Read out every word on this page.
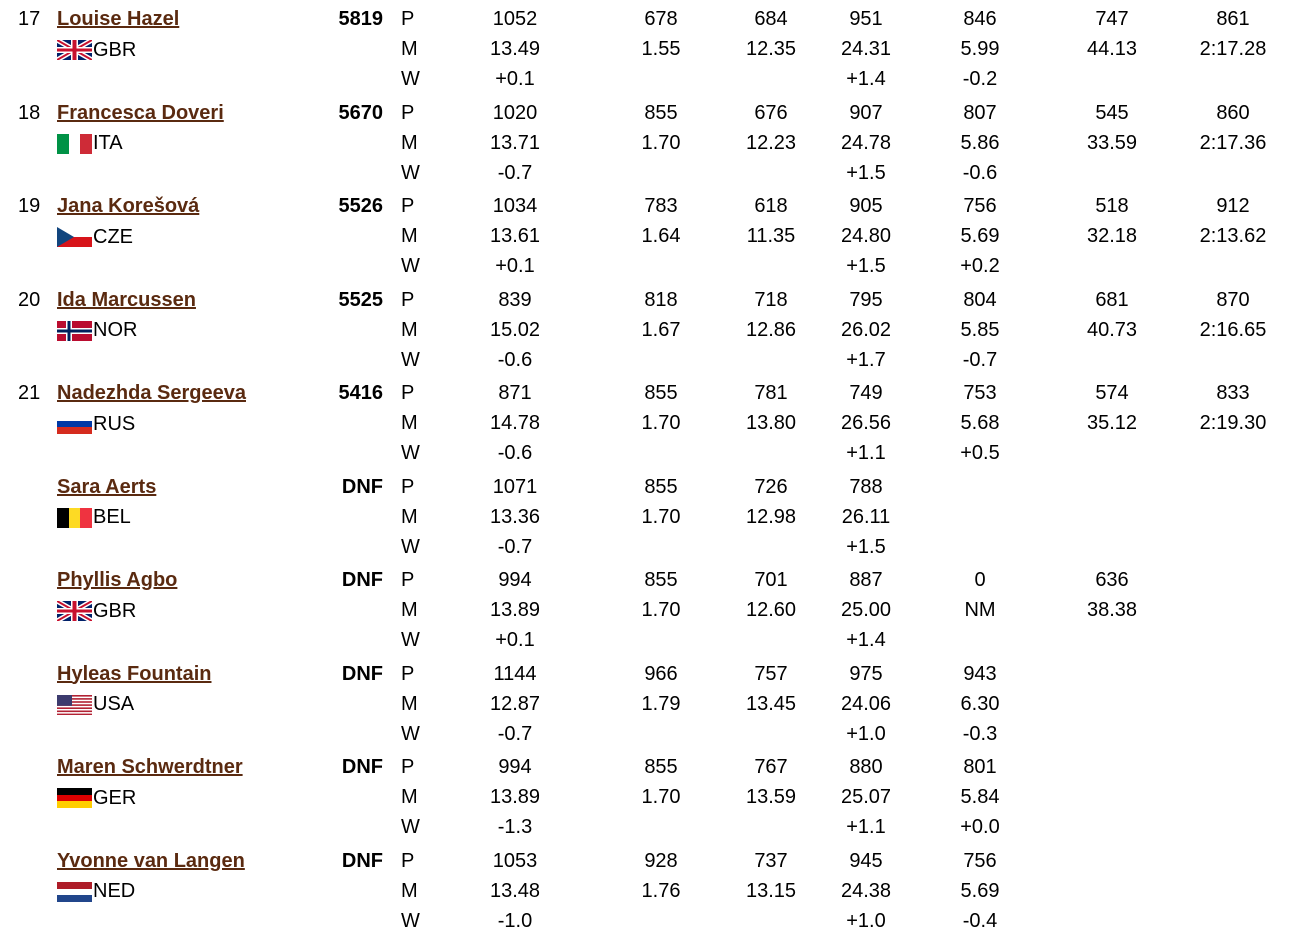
17 Louise Hazel
GBR
5819 P
M
W
1052
13.49
+0.1
678
1.55
684
12.35
951
24.31
+1.4
846
5.99
-0.2
747
44.13
861
2:17.28
18 Francesca Doveri
ITA
5670 P
M
W
1020
13.71
-0.7
855
1.70
676
12.23
907
24.78
+1.5
807
5.86
-0.6
545
33.59
860
2:17.36
19 Jana Korešová
CZE
5526 P
M
W
1034
13.61
+0.1
783
1.64
618
11.35
905
24.80
+1.5
756
5.69
+0.2
518
32.18
912
2:13.62
20 Ida Marcussen
NOR
5525 P
M
W
839
15.02
-0.6
818
1.67
718
12.86
795
26.02
+1.7
804
5.85
-0.7
681
40.73
870
2:16.65
21 Nadezhda Sergeeva
RUS
5416 P
M
W
871
14.78
-0.6
855
1.70
781
13.80
749
26.56
+1.1
753
5.68
+0.5
574
35.12
833
2:19.30
Sara Aerts
BEL
DNF P
M
W
1071
13.36
-0.7
855
1.70
726
12.98
788
26.11
+1.5
Phyllis Agbo
GBR
DNF P
M
W
994
13.89
+0.1
855
1.70
701
12.60
887
25.00
+1.4
0
NM
636
38.38
Hyleas Fountain
USA
DNF P
M
W
1144
12.87
-0.7
966
1.79
757
13.45
975
24.06
+1.0
943
6.30
-0.3
Maren Schwerdtner
GER
DNF P
M
W
994
13.89
-1.3
855
1.70
767
13.59
880
25.07
+1.1
801
5.84
+0.0
Yvonne van Langen
NED
DNF P
M
W
1053
13.48
-1.0
928
1.76
737
13.15
945
24.38
+1.0
756
5.69
-0.4
